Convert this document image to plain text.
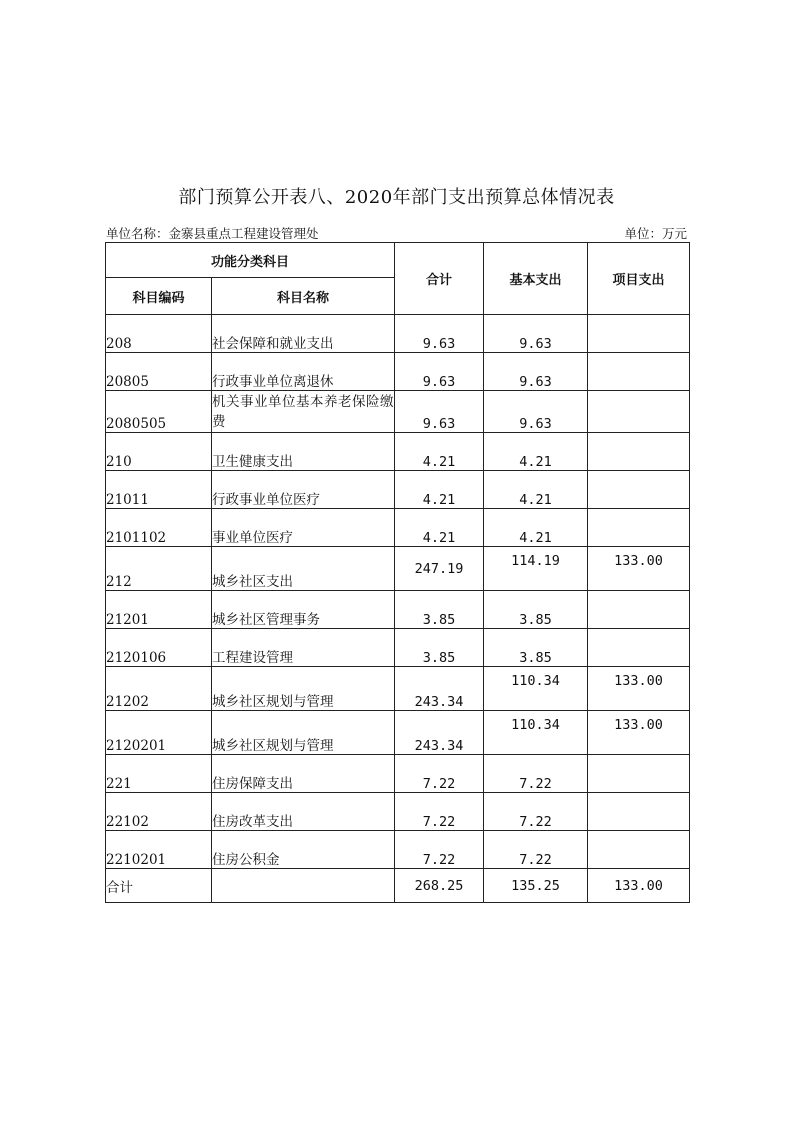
部门预算公开表八、2020年部门支出预算总体情况表
单位名称：金寨县重点工程建设管理处	单位：万元
功能分类科目		合计	基本支出	项目支出
科目编码	科目名称			
208	社会保障和就业支出	9.63	9.63	
20805	行政事业单位离退休	9.63	9.63	
2080505	机关事业单位基本养老保险缴费	9.63	9.63	
210	卫生健康支出	4.21	4.21	
21011	行政事业单位医疗	4.21	4.21	
2101102	事业单位医疗	4.21	4.21	
212	城乡社区支出	247.19	114.19	133.00
21201	城乡社区管理事务	3.85	3.85	
2120106	工程建设管理	3.85	3.85	
21202	城乡社区规划与管理	243.34	110.34	133.00
2120201	城乡社区规划与管理	243.34	110.34	133.00
221	住房保障支出	7.22	7.22	
22102	住房改革支出	7.22	7.22	
2210201	住房公积金	7.22	7.22	
合计		268.25	135.25	133.00
